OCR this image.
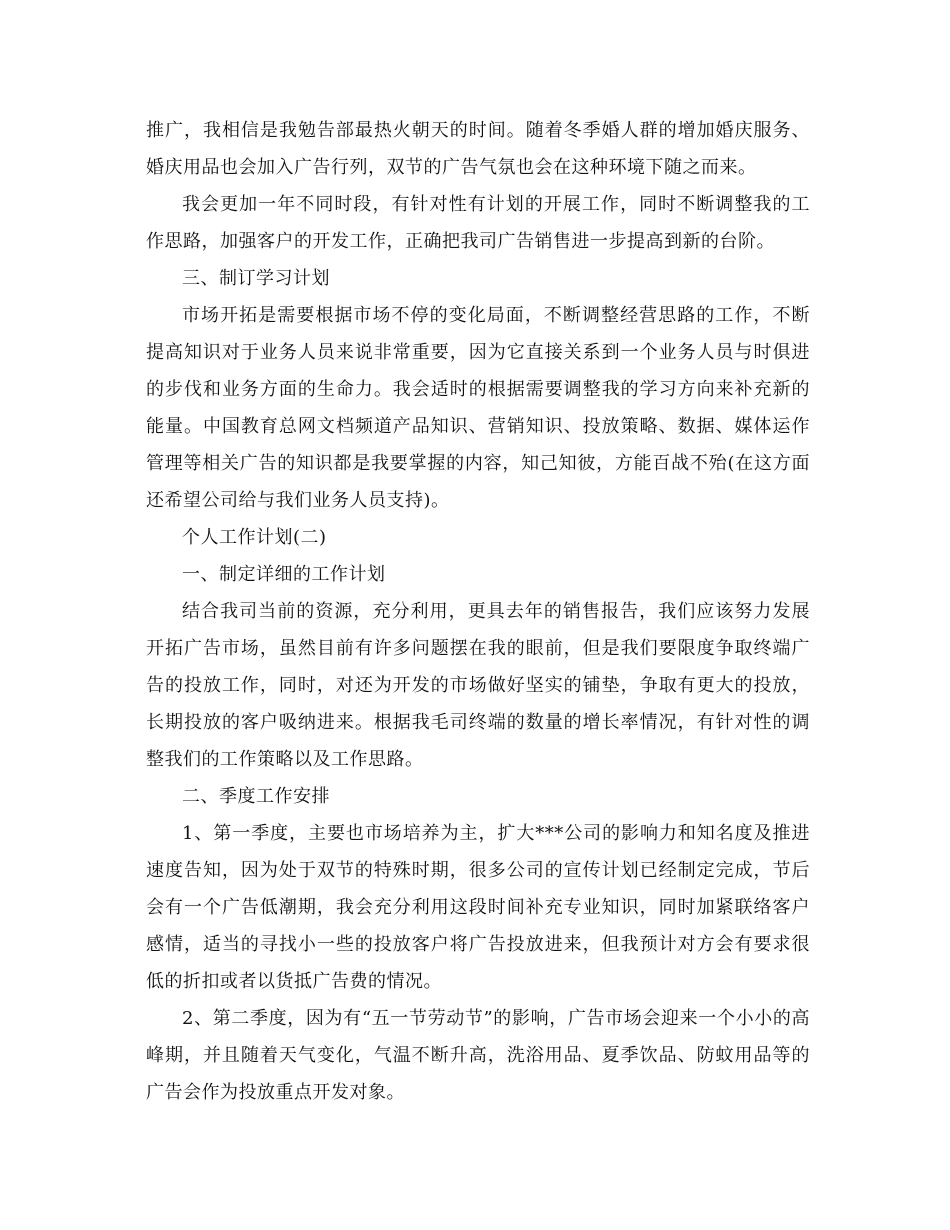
推广，我相信是我勉告部最热火朝天的时间。随着冬季婚人群的增加婚庆服务、婚庆用品也会加入广告行列，双节的广告气氛也会在这种环境下随之而来。

我会更加一年不同时段，有针对性有计划的开展工作，同时不断调整我的工作思路，加强客户的开发工作，正确把我司广告销售进一步提高到新的台阶。

三、制订学习计划

市场开拓是需要根据市场不停的变化局面，不断调整经营思路的工作，不断提高知识对于业务人员来说非常重要，因为它直接关系到一个业务人员与时俱进的步伐和业务方面的生命力。我会适时的根据需要调整我的学习方向来补充新的能量。中国教育总网文档频道产品知识、营销知识、投放策略、数据、媒体运作管理等相关广告的知识都是我要掌握的内容，知己知彼，方能百战不殆(在这方面还希望公司给与我们业务人员支持)。

个人工作计划(二)

一、制定详细的工作计划

结合我司当前的资源，充分利用，更具去年的销售报告，我们应该努力发展开拓广告市场，虽然目前有许多问题摆在我的眼前，但是我们要限度争取终端广告的投放工作，同时，对还为开发的市场做好坚实的铺垫，争取有更大的投放，长期投放的客户吸纳进来。根据我毛司终端的数量的增长率情况，有针对性的调整我们的工作策略以及工作思路。

二、季度工作安排

1、第一季度，主要也市场培养为主，扩大***公司的影响力和知名度及推进速度告知，因为处于双节的特殊时期，很多公司的宣传计划已经制定完成，节后会有一个广告低潮期，我会充分利用这段时间补充专业知识，同时加紧联络客户感情，适当的寻找小一些的投放客户将广告投放进来，但我预计对方会有要求很低的折扣或者以货抵广告费的情况。

2、第二季度，因为有“五一节劳动节”的影响，广告市场会迎来一个小小的高峰期，并且随着天气变化，气温不断升高，洗浴用品、夏季饮品、防蚊用品等的广告会作为投放重点开发对象。
